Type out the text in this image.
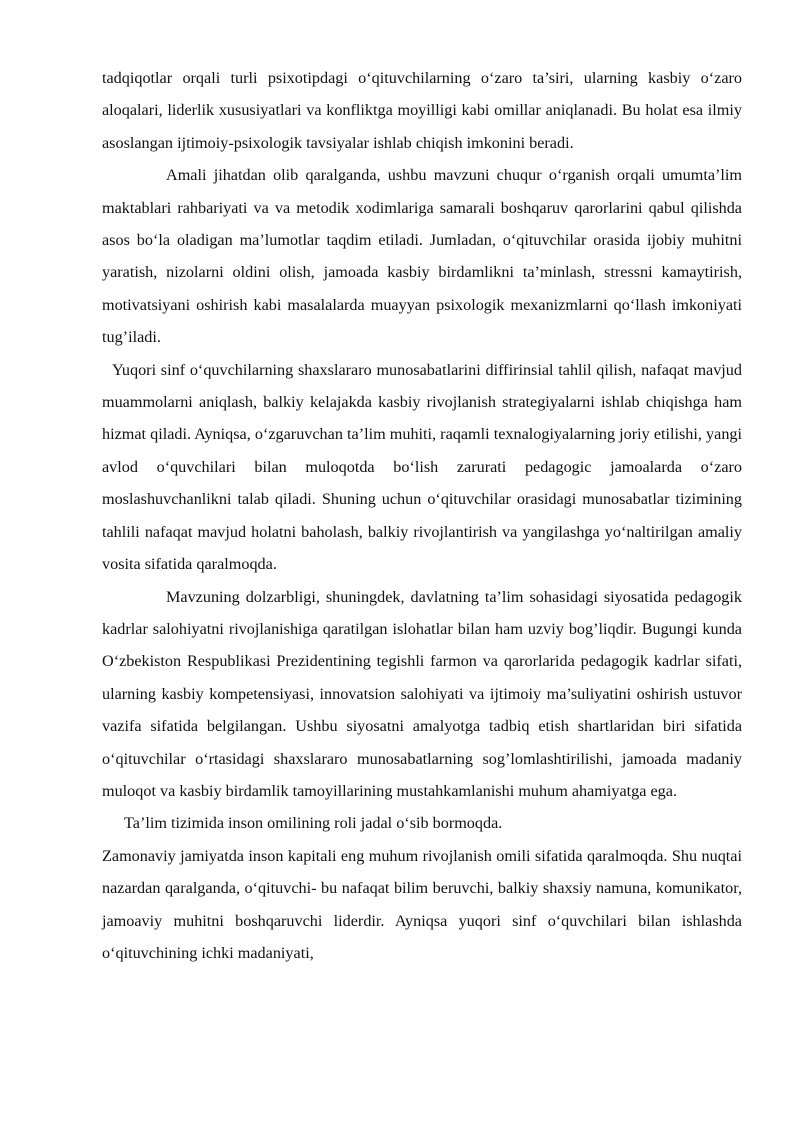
tadqiqotlar orqali turli psixotipdagi o‘qituvchilarning o‘zaro ta’siri, ularning kasbiy o‘zaro aloqalari, liderlik xususiyatlari va konfliktga moyilligi kabi omillar aniqlanadi. Bu holat esa ilmiy asoslangan ijtimoiy-psixologik tavsiyalar ishlab chiqish imkonini beradi.

Amali jihatdan olib qaralganda, ushbu mavzuni chuqur o‘rganish orqali umumta’lim maktablari rahbariyati va va metodik xodimlariga samarali boshqaruv qarorlarini qabul qilishda asos bo‘la oladigan ma’lumotlar taqdim etiladi. Jumladan, o‘qituvchilar orasida ijobiy muhitni yaratish, nizolarni oldini olish, jamoada kasbiy birdamlikni ta’minlash, stressni kamaytirish, motivatsiyani oshirish kabi masalalarda muayyan psixologik mexanizmlarni qo‘llash imkoniyati tug’iladi.

Yuqori sinf o‘quvchilarning shaxslararo munosabatlarini diffirinsial tahlil qilish, nafaqat mavjud muammolarni aniqlash, balkiy kelajakda kasbiy rivojlanish strategiyalarni ishlab chiqishga ham hizmat qiladi. Ayniqsa, o‘zgaruvchan ta’lim muhiti, raqamli texnalogiyalarning joriy etilishi, yangi avlod o‘quvchilari bilan muloqotda bo‘lish zarurati pedagogic jamoalarda o‘zaro moslashuvchanlikni talab qiladi. Shuning uchun o‘qituvchilar orasidagi munosabatlar tizimining tahlili nafaqat mavjud holatni baholash, balkiy rivojlantirish va yangilashga yo‘naltirilgan amaliy vosita sifatida qaralmoqda.

Mavzuning dolzarbligi, shuningdek, davlatning ta’lim sohasidagi siyosatida pedagogik kadrlar salohiyatni rivojlanishiga qaratilgan islohatlar bilan ham uzviy bog’liqdir. Bugungi kunda O‘zbekiston Respublikasi Prezidentining tegishli farmon va qarorlarida pedagogik kadrlar sifati, ularning kasbiy kompetensiyasi, innovatsion salohiyati va ijtimoiy ma’suliyatini oshirish ustuvor vazifa sifatida belgilangan. Ushbu siyosatni amalyotga tadbiq etish shartlaridan biri sifatida o‘qituvchilar o‘rtasidagi shaxslararo munosabatlarning sog’lomlashtirilishi, jamoada madaniy muloqot va kasbiy birdamlik tamoyillarining mustahkamlanishi muhum ahamiyatga ega.

Ta’lim tizimida inson omilining roli jadal o‘sib bormoqda.

Zamonaviy jamiyatda inson kapitali eng muhum rivojlanish omili sifatida qaralmoqda. Shu nuqtai nazardan qaralganda, o‘qituvchi- bu nafaqat bilim beruvchi, balkiy shaxsiy namuna, komunikator, jamoaviy muhitni boshqaruvchi liderdir. Ayniqsa yuqori sinf o‘quvchilari bilan ishlashda o‘qituvchining ichki madaniyati,
